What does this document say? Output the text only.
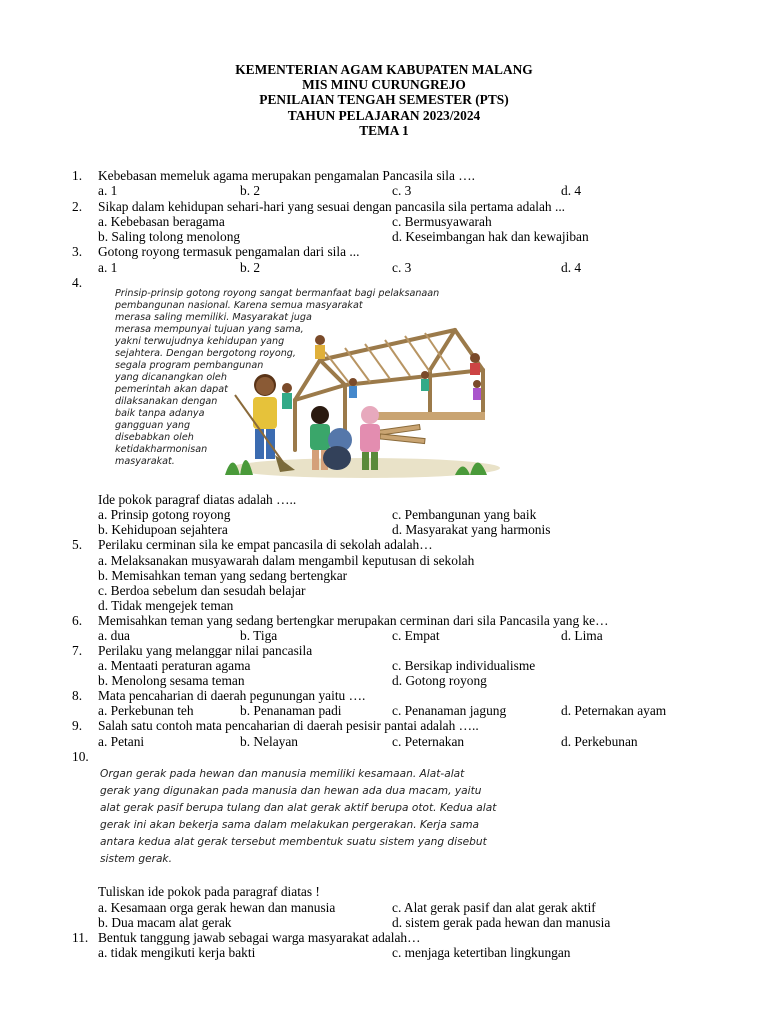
KEMENTERIAN AGAM KABUPATEN MALANG
MIS MINU CURUNGREJO
PENILAIAN TENGAH SEMESTER (PTS)
TAHUN PELAJARAN 2023/2024
TEMA 1
1. Kebebasan memeluk agama merupakan pengamalan Pancasila sila ….
a. 1	b. 2	c. 3	d. 4
2. Sikap dalam kehidupan sehari-hari yang sesuai dengan pancasila sila pertama adalah ...
a. Kebebasan beragama	c. Bermusyawarah
b. Saling tolong menolong	d. Keseimbangan hak dan kewajiban
3. Gotong royong termasuk pengamalan dari sila ...
a. 1	b. 2	c. 3	d. 4
4.
Prinsip-prinsip gotong royong sangat bermanfaat bagi pelaksanaan
pembangunan nasional. Karena semua masyarakat
merasa saling memiliki. Masyarakat juga
merasa mempunyai tujuan yang sama,
yakni terwujudnya kehidupan yang
sejahtera. Dengan bergotong royong,
segala program pembangunan
yang dicanangkan oleh
pemerintah akan dapat
dilaksanakan dengan
baik tanpa adanya
gangguan yang
disebabkan oleh
ketidakharmonisan
masyarakat.
Ide pokok paragraf diatas adalah …..
a. Prinsip gotong royong	c. Pembangunan yang baik
b. Kehidupoan sejahtera	d. Masyarakat yang harmonis
5. Perilaku cerminan sila ke empat pancasila di sekolah adalah…
a. Melaksanakan musyawarah dalam mengambil keputusan di sekolah
b. Memisahkan teman yang sedang bertengkar
c. Berdoa sebelum dan sesudah belajar
d. Tidak mengejek teman
6. Memisahkan teman yang sedang bertengkar merupakan cerminan dari sila Pancasila yang ke…
a. dua	b. Tiga	c. Empat	d. Lima
7. Perilaku yang melanggar nilai pancasila
a. Mentaati peraturan agama	c. Bersikap individualisme
b. Menolong sesama teman	d. Gotong royong
8. Mata pencaharian di daerah pegunungan yaitu ….
a. Perkebunan teh	b. Penanaman padi	c. Penanaman jagung	d. Peternakan ayam
9. Salah satu contoh mata pencaharian di daerah pesisir pantai adalah …..
a. Petani	b. Nelayan	c. Peternakan	d. Perkebunan
10.
Organ gerak pada hewan dan manusia memiliki kesamaan. Alat-alat
gerak yang digunakan pada manusia dan hewan ada dua macam, yaitu
alat gerak pasif berupa tulang dan alat gerak aktif berupa otot. Kedua alat
gerak ini akan bekerja sama dalam melakukan pergerakan. Kerja sama
antara kedua alat gerak tersebut membentuk suatu sistem yang disebut
sistem gerak.
Tuliskan ide pokok pada paragraf diatas !
a. Kesamaan orga gerak hewan dan manusia	c. Alat gerak pasif dan alat gerak aktif
b. Dua macam alat gerak	d. sistem gerak pada hewan dan manusia
11. Bentuk tanggung jawab sebagai warga masyarakat adalah…
a. tidak mengikuti kerja bakti	c. menjaga ketertiban lingkungan
